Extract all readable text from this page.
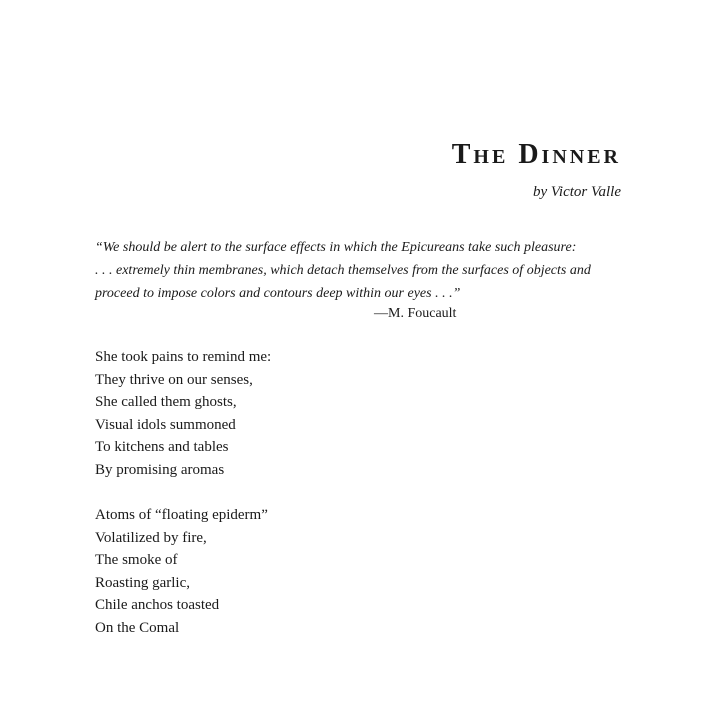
The Dinner

by Victor Valle

“We should be alert to the surface effects in which the Epicureans take such pleasure:

. . . extremely thin membranes, which detach themselves from the surfaces of objects and

proceed to impose colors and contours deep within our eyes . . .”

—M. Foucault

She took pains to remind me:
They thrive on our senses,
She called them ghosts,
Visual idols summoned
To kitchens and tables
By promising aromas
Atoms of “floating epiderm”
Volatilized by fire,
The smoke of
Roasting garlic,
Chile anchos toasted
On the Comal
